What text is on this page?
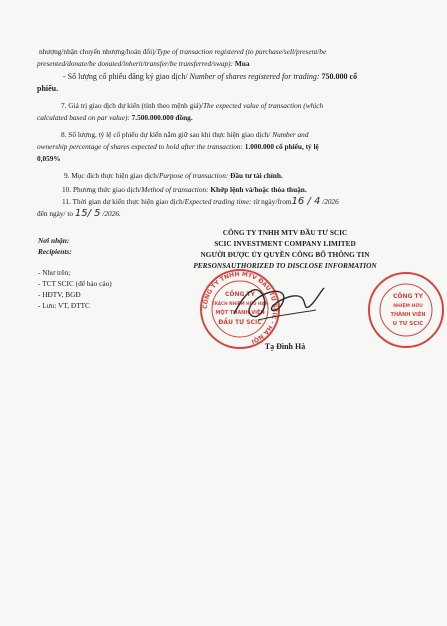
nhượng/nhận chuyển nhượng/hoán đổi)/Type of transaction registered (to purchase/sell/present/be
presented/donate/be donated/inherit/transfer/be transferred/swap): Mua
- Số lượng cổ phiếu đăng ký giao dịch/ Number of shares registered for trading: 750.000 cổ
phiếu.
7. Giá trị giao dịch dự kiến (tính theo mệnh giá)/The expected value of transaction (which
calculated based on par value): 7.500.000.000 đồng.
8. Số lượng, tỷ lệ cổ phiếu dự kiến nắm giữ sau khi thực hiện giao dịch/ Number and
ownership percentage of shares expected to hold after the transaction: 1.000.000 cổ phiếu, tỷ lệ
0,059%
9. Mục đích thực hiện giao dịch/Purpose of transaction: Đầu tư tài chính.
10. Phương thức giao dịch/Method of transaction: Khớp lệnh và/hoặc thỏa thuận.
11. Thời gian dự kiến thực hiện giao dịch/Expected trading time: từ ngày/from16 / 4 /2026
đến ngày/ to 15/ 5 /2026.
Nơi nhận:
Recipients:
- Như trên;
- TCT SCIC (để báo cáo)
- HĐTV, BGĐ
- Lưu: VT, ĐTTC
CÔNG TY TNHH MTV ĐẦU TƯ SCIC
SCIC INVESTMENT COMPANY LIMITED
NGƯỜI ĐƯỢC ỦY QUYỀN CÔNG BỐ THÔNG TIN
PERSONSAUTHORIZED TO DISCLOSE INFORMATION
CÔNG TY TNHH MTV ĐẦU TƯ SCIC · HÀ NỘI
CÔNG TY
TRÁCH NHIỆM HỮU HẠN
MỘT THÀNH VIÊN
ĐẦU TƯ SCIC
CÔNG TY
NHIỆM HỮU
THÀNH VIÊN
U TƯ SCIC
Tạ Đình Hà
